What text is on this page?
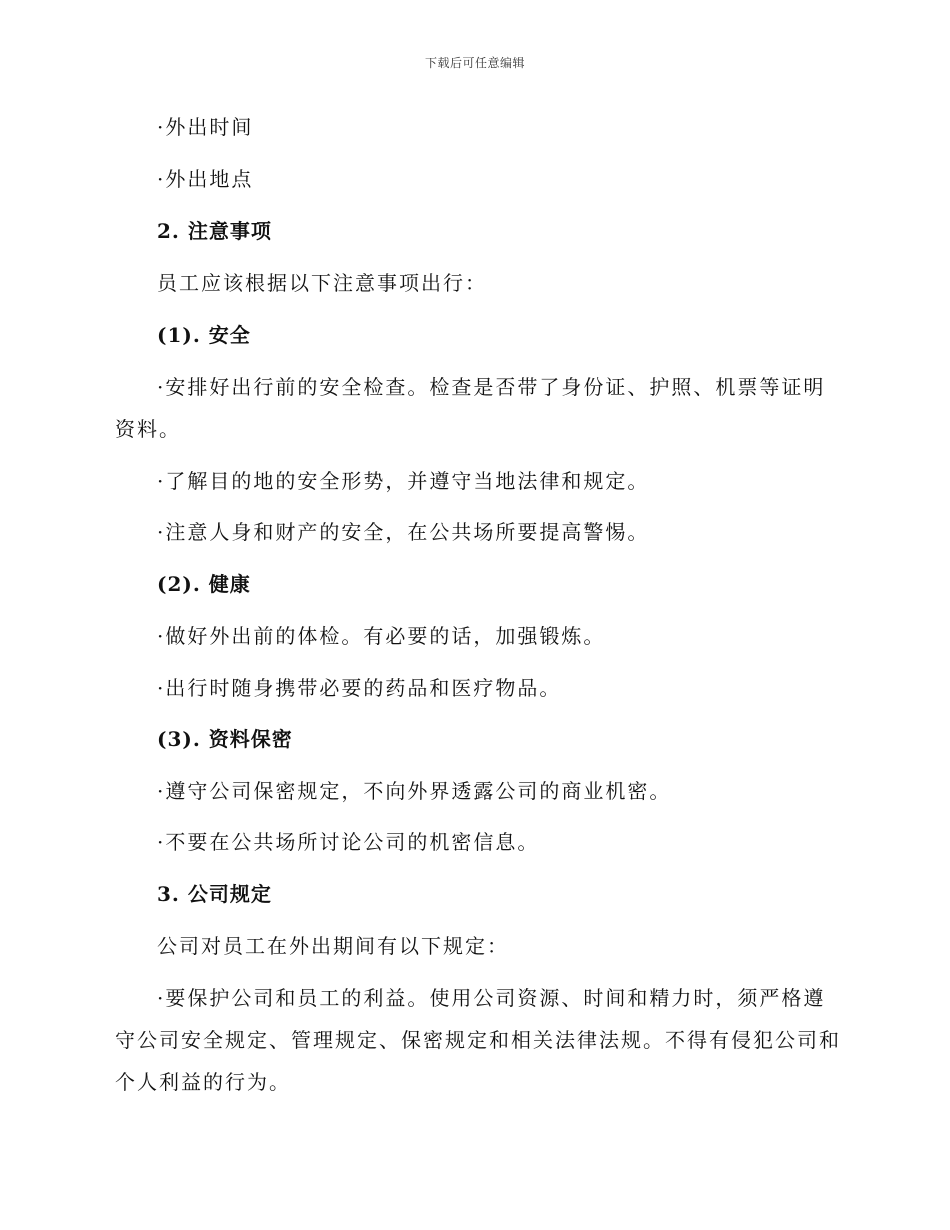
下载后可任意编辑
·外出时间
·外出地点
2. 注意事项
员工应该根据以下注意事项出行：
(1). 安全
·安排好出行前的安全检查。检查是否带了身份证、护照、机票等证明
资料。
·了解目的地的安全形势，并遵守当地法律和规定。
·注意人身和财产的安全，在公共场所要提高警惕。
(2). 健康
·做好外出前的体检。有必要的话，加强锻炼。
·出行时随身携带必要的药品和医疗物品。
(3). 资料保密
·遵守公司保密规定，不向外界透露公司的商业机密。
·不要在公共场所讨论公司的机密信息。
3. 公司规定
公司对员工在外出期间有以下规定：
·要保护公司和员工的利益。使用公司资源、时间和精力时，须严格遵
守公司安全规定、管理规定、保密规定和相关法律法规。不得有侵犯公司和
个人利益的行为。
